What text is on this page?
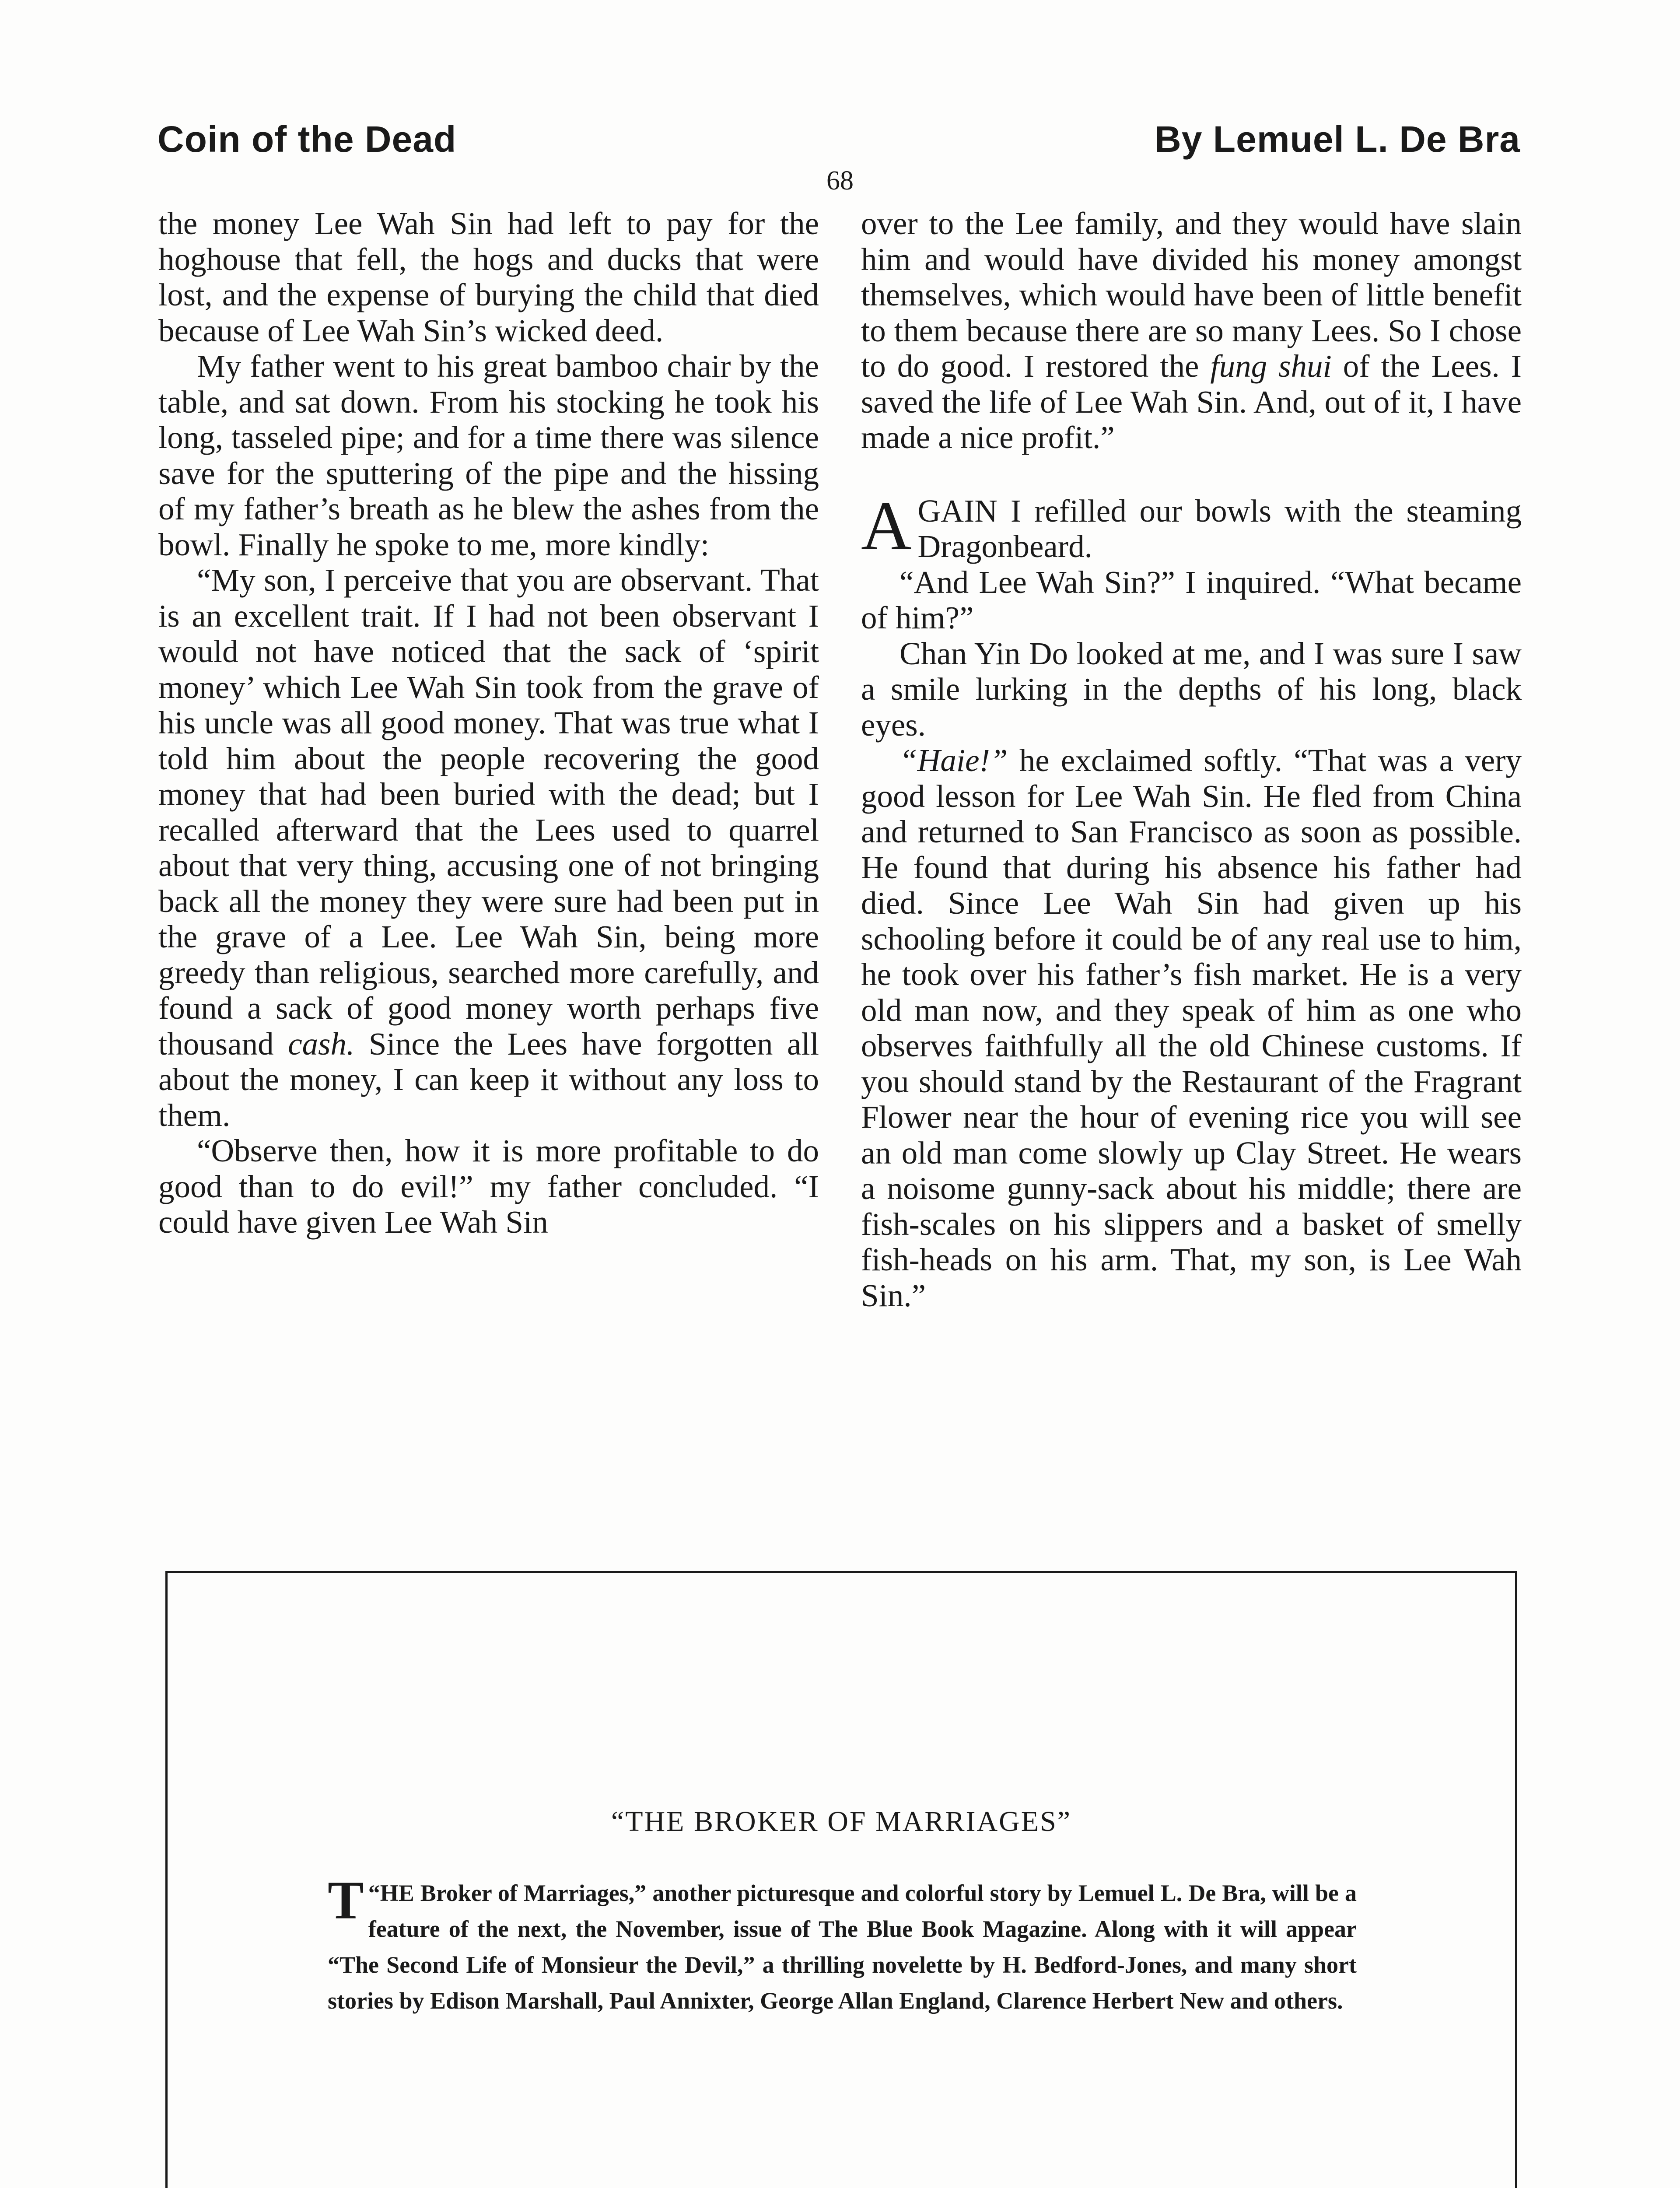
Coin of the Dead	By Lemuel L. De Bra
68

the money Lee Wah Sin had left to pay for the hoghouse that fell, the hogs and ducks that were lost, and the expense of burying the child that died because of Lee Wah Sin’s wicked deed.

My father went to his great bamboo chair by the table, and sat down. From his stocking he took his long, tasseled pipe; and for a time there was silence save for the sputtering of the pipe and the hissing of my father’s breath as he blew the ashes from the bowl. Finally he spoke to me, more kindly:

“My son, I perceive that you are observant. That is an excellent trait. If I had not been observant I would not have noticed that the sack of ‘spirit money’ which Lee Wah Sin took from the grave of his uncle was all good money. That was true what I told him about the people recovering the good money that had been buried with the dead; but I recalled afterward that the Lees used to quarrel about that very thing, accusing one of not bringing back all the money they were sure had been put in the grave of a Lee. Lee Wah Sin, being more greedy than religious, searched more carefully, and found a sack of good money worth perhaps five thousand cash. Since the Lees have forgotten all about the money, I can keep it without any loss to them.

“Observe then, how it is more profitable to do good than to do evil!” my father concluded. “I could have given Lee Wah Sin

over to the Lee family, and they would have slain him and would have divided his money amongst themselves, which would have been of little benefit to them because there are so many Lees. So I chose to do good. I restored the fung shui of the Lees. I saved the life of Lee Wah Sin. And, out of it, I have made a nice profit.”

AGAIN I refilled our bowls with the steaming Dragonbeard.

“And Lee Wah Sin?” I inquired. “What became of him?”

Chan Yin Do looked at me, and I was sure I saw a smile lurking in the depths of his long, black eyes.

“Haie!” he exclaimed softly. “That was a very good lesson for Lee Wah Sin. He fled from China and returned to San Francisco as soon as possible. He found that during his absence his father had died. Since Lee Wah Sin had given up his schooling before it could be of any real use to him, he took over his father’s fish market. He is a very old man now, and they speak of him as one who observes faithfully all the old Chinese customs. If you should stand by the Restaurant of the Fragrant Flower near the hour of evening rice you will see an old man come slowly up Clay Street. He wears a noisome gunny-sack about his middle; there are fish-scales on his slippers and a basket of smelly fish-heads on his arm. That, my son, is Lee Wah Sin.”

“THE BROKER OF MARRIAGES”
“
T HE Broker of Marriages,” another picturesque and colorful story by Lemuel L. De Bra, will be a feature of the next, the November, issue of The Blue Book Magazine. Along with it will appear “The Second Life of Monsieur the Devil,” a thrilling novelette by H. Bedford-Jones, and many short stories by Edison Marshall, Paul Annixter, George Allan England, Clarence Herbert New and others.
